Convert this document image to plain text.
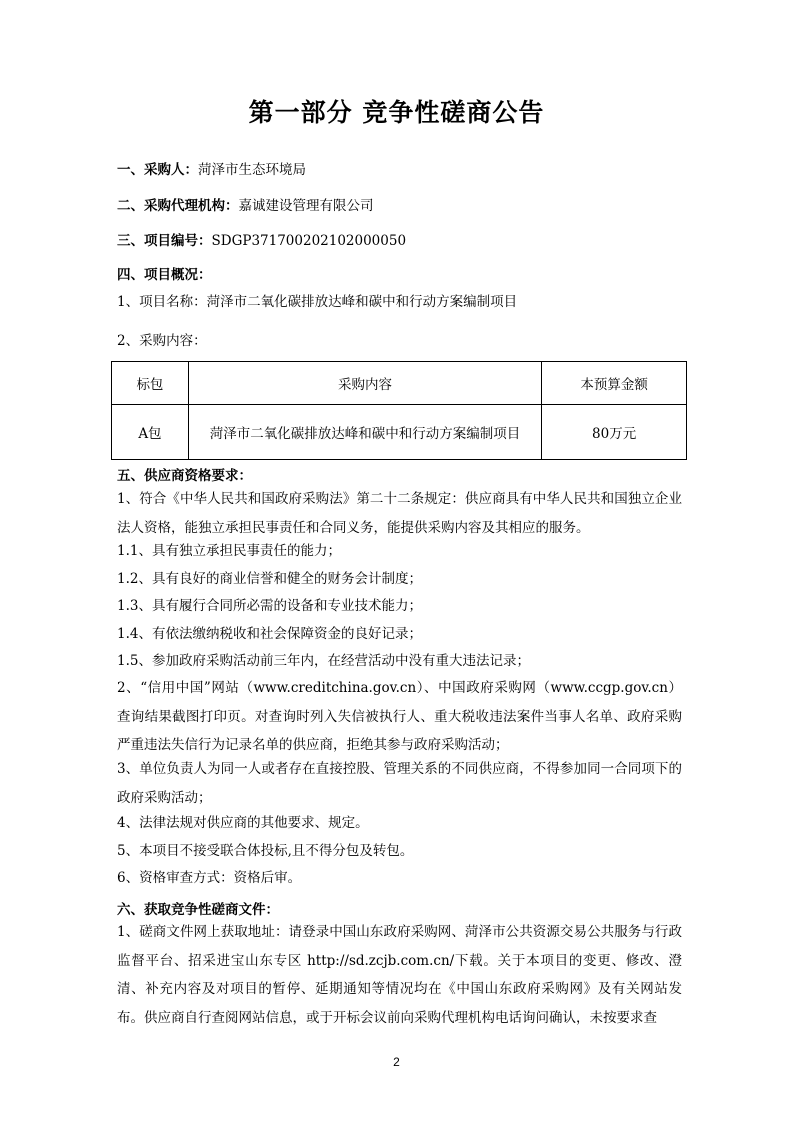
第一部分 竞争性磋商公告
一、采购人：菏泽市生态环境局
二、采购代理机构：嘉诚建设管理有限公司
三、项目编号：SDGP371700202102000050
四、项目概况：
1、项目名称：菏泽市二氧化碳排放达峰和碳中和行动方案编制项目
2、采购内容：
标包	采购内容	本预算金额
A包	菏泽市二氧化碳排放达峰和碳中和行动方案编制项目	80万元
五、供应商资格要求：
1、符合《中华人民共和国政府采购法》第二十二条规定：供应商具有中华人民共和国独立企业法人资格，能独立承担民事责任和合同义务，能提供采购内容及其相应的服务。
1.1、具有独立承担民事责任的能力；
1.2、具有良好的商业信誉和健全的财务会计制度；
1.3、具有履行合同所必需的设备和专业技术能力；
1.4、有依法缴纳税收和社会保障资金的良好记录；
1.5、参加政府采购活动前三年内，在经营活动中没有重大违法记录；
2、“信用中国”网站（www.creditchina.gov.cn）、中国政府采购网（www.ccgp.gov.cn） 查询结果截图打印页。对查询时列入失信被执行人、重大税收违法案件当事人名单、政府采购严重违法失信行为记录名单的供应商，拒绝其参与政府采购活动；
3、单位负责人为同一人或者存在直接控股、管理关系的不同供应商，不得参加同一合同项下的政府采购活动；
4、法律法规对供应商的其他要求、规定。
5、本项目不接受联合体投标,且不得分包及转包。
6、资格审查方式：资格后审。
六、获取竞争性磋商文件：
1、磋商文件网上获取地址：请登录中国山东政府采购网、菏泽市公共资源交易公共服务与行政监督平台、招采进宝山东专区 http://sd.zcjb.com.cn/下载。关于本项目的变更、修改、澄清、补充内容及对项目的暂停、延期通知等情况均在《中国山东政府采购网》及有关网站发布。供应商自行查阅网站信息，或于开标会议前向采购代理机构电话询问确认，未按要求查
2
